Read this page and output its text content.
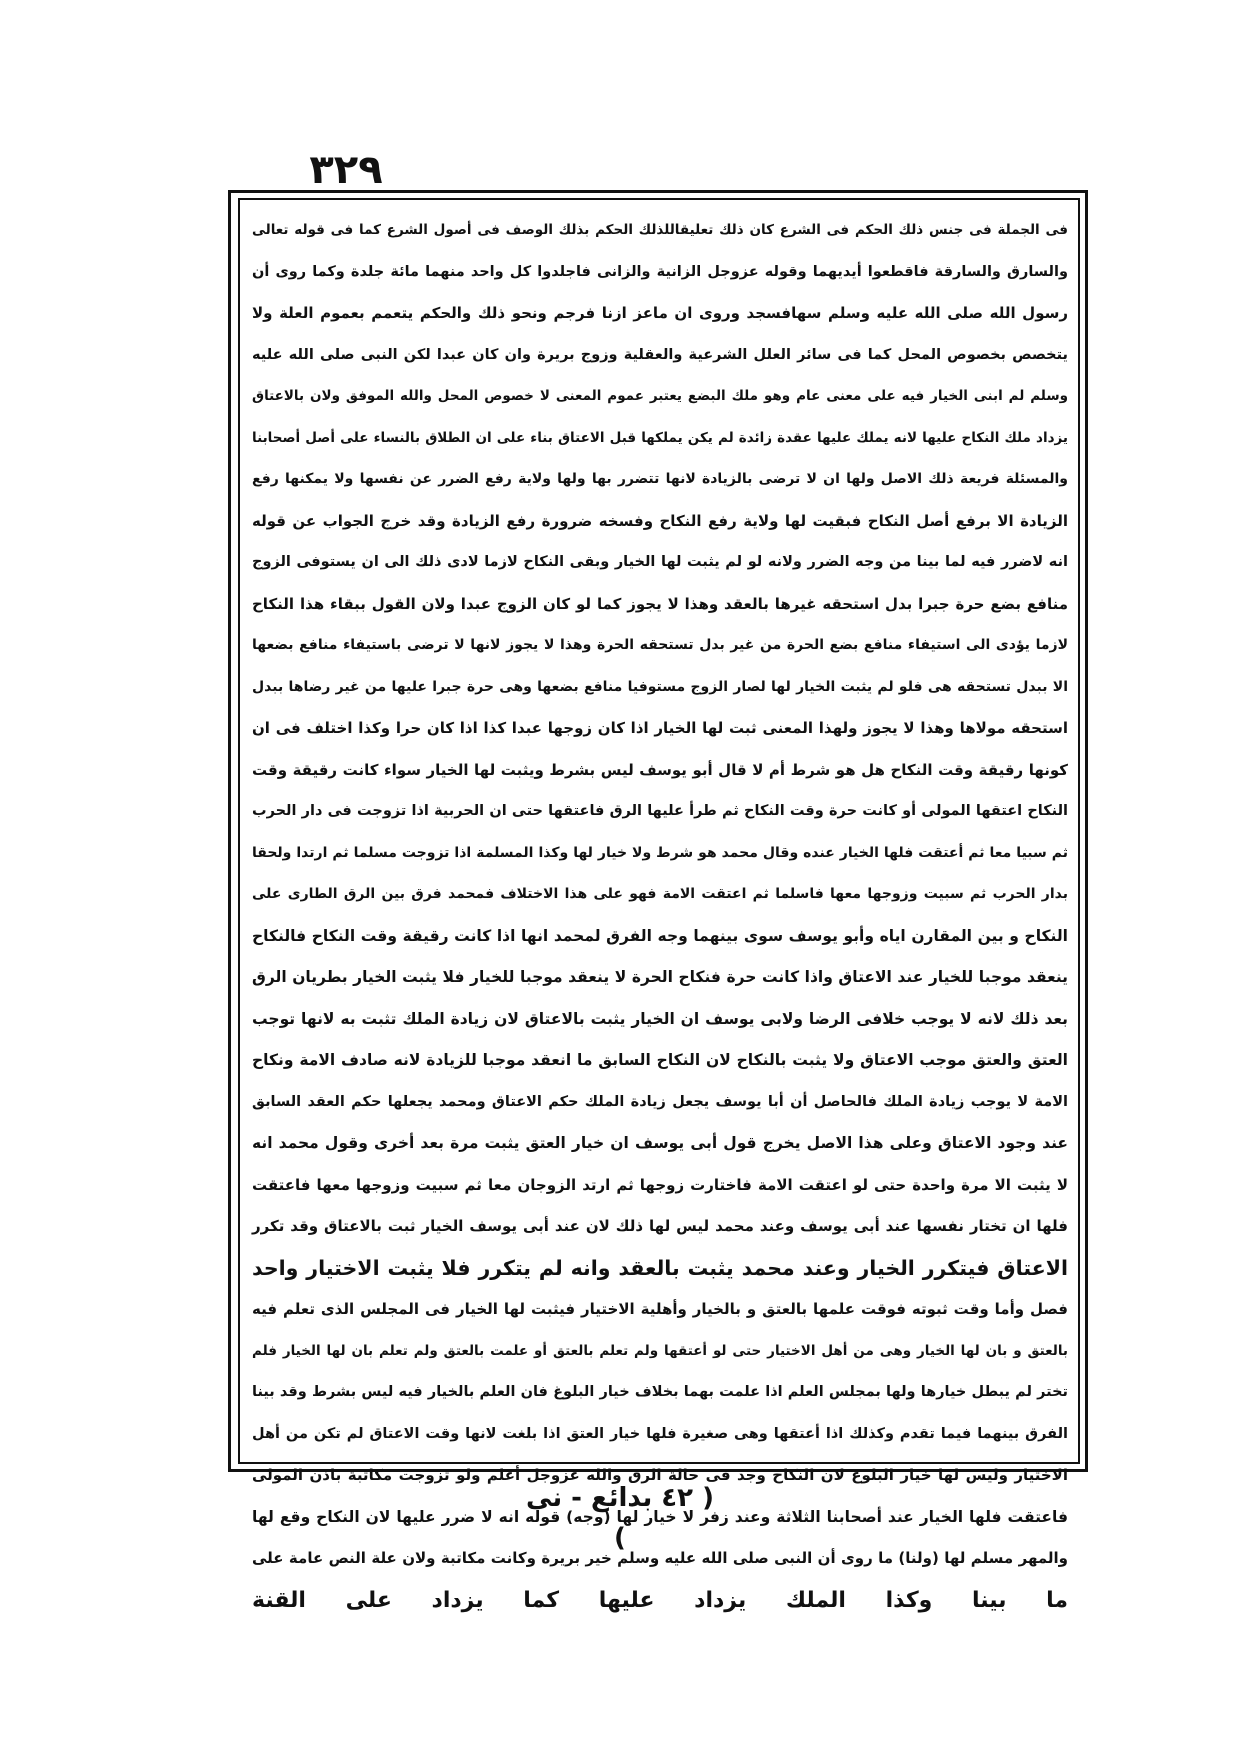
٣٢٩
فى الجملة فى جنس ذلك الحكم فى الشرع كان ذلك تعليقاللذلك الحكم بذلك الوصف فى أصول الشرع كما فى قوله تعالى
والسارق والسارقة فاقطعوا أيديهما وقوله عزوجل الزانية والزانى فاجلدوا كل واحد منهما مائة جلدة وكما روى أن
رسول الله صلى الله عليه وسلم سهافسجد وروى ان ماعز ازنا فرجم ونحو ذلك والحكم يتعمم بعموم العلة ولا
يتخصص بخصوص المحل كما فى سائر العلل الشرعية والعقلية وزوج بريرة وان كان عبدا لكن النبى صلى الله عليه
وسلم لم ابنى الخيار فيه على معنى عام وهو ملك البضع يعتبر عموم المعنى لا خصوص المحل والله الموفق ولان بالاعتاق
يزداد ملك النكاح عليها لانه يملك عليها عقدة زائدة لم يكن يملكها قبل الاعتاق بناء على ان الطلاق بالنساء على أصل أصحابنا
والمسئلة فريعة ذلك الاصل ولها ان لا ترضى بالزيادة لانها تتضرر بها ولها ولاية رفع الضرر عن نفسها ولا يمكنها رفع
الزيادة الا برفع أصل النكاح فبقيت لها ولاية رفع النكاح وفسخه ضرورة رفع الزيادة وقد خرج الجواب عن قوله
انه لاضرر فيه لما بينا من وجه الضرر ولانه لو لم يثبت لها الخيار وبقى النكاح لازما لادى ذلك الى ان يستوفى الزوج
منافع بضع حرة جبرا بدل استحقه غيرها بالعقد وهذا لا يجوز كما لو كان الزوج عبدا ولان القول ببقاء هذا النكاح
لازما يؤدى الى استيفاء منافع بضع الحرة من غير بدل تستحقه الحرة وهذا لا يجوز لانها لا ترضى باستيفاء منافع بضعها
الا ببدل تستحقه هى فلو لم يثبت الخيار لها لصار الزوج مستوفيا منافع بضعها وهى حرة جبرا عليها من غير رضاها ببدل
استحقه مولاها وهذا لا يجوز ولهذا المعنى ثبت لها الخيار اذا كان زوجها عبدا كذا اذا كان حرا وكذا اختلف فى ان
كونها رقيقة وقت النكاح هل هو شرط أم لا قال أبو يوسف ليس بشرط ويثبت لها الخيار سواء كانت رقيقة وقت
النكاح اعتقها المولى أو كانت حرة وقت النكاح ثم طرأ عليها الرق فاعتقها حتى ان الحربية اذا تزوجت فى دار الحرب
ثم سبيا معا ثم أعتقت فلها الخيار عنده وقال محمد هو شرط ولا خيار لها وكذا المسلمة اذا تزوجت مسلما ثم ارتدا ولحقا
بدار الحرب ثم سبيت وزوجها معها فاسلما ثم اعتقت الامة فهو على هذا الاختلاف فمحمد فرق بين الرق الطارى على
النكاح و بين المقارن اياه وأبو يوسف سوى بينهما وجه الفرق لمحمد انها اذا كانت رقيقة وقت النكاح فالنكاح
ينعقد موجبا للخيار عند الاعتاق واذا كانت حرة فنكاح الحرة لا ينعقد موجبا للخيار فلا يثبت الخيار بطريان الرق
بعد ذلك لانه لا يوجب خلافى الرضا ولابى يوسف ان الخيار يثبت بالاعتاق لان زيادة الملك تثبت به لانها توجب
العتق والعتق موجب الاعتاق ولا يثبت بالنكاح لان النكاح السابق ما انعقد موجبا للزيادة لانه صادف الامة ونكاح
الامة لا يوجب زيادة الملك فالحاصل أن أبا يوسف يجعل زيادة الملك حكم الاعتاق ومحمد يجعلها حكم العقد السابق
عند وجود الاعتاق وعلى هذا الاصل يخرج قول أبى يوسف ان خيار العتق يثبت مرة بعد أخرى وقول محمد انه
لا يثبت الا مرة واحدة حتى لو اعتقت الامة فاختارت زوجها ثم ارتد الزوجان معا ثم سبيت وزوجها معها فاعتقت
فلها ان تختار نفسها عند أبى يوسف وعند محمد ليس لها ذلك لان عند أبى يوسف الخيار ثبت بالاعتاق وقد تكرر
الاعتاق فيتكرر الخيار وعند محمد يثبت بالعقد وانه لم يتكرر فلا يثبت الاختيار واحد
فصل وأما وقت ثبوته فوقت علمها بالعتق و بالخيار وأهلية الاختيار فيثبت لها الخيار فى المجلس الذى تعلم فيه
بالعتق و بان لها الخيار وهى من أهل الاختيار حتى لو أعتقها ولم تعلم بالعتق أو علمت بالعتق ولم تعلم بان لها الخيار فلم
تختر لم يبطل خيارها ولها بمجلس العلم اذا علمت بهما بخلاف خيار البلوغ فان العلم بالخيار فيه ليس بشرط وقد بينا
الفرق بينهما فيما تقدم وكذلك اذا أعتقها وهى صغيرة فلها خيار العتق اذا بلغت لانها وقت الاعتاق لم تكن من أهل
الاختيار وليس لها خيار البلوغ لان النكاح وجد فى حالة الرق والله عزوجل أعلم ولو تزوجت مكاتبة باذن المولى
فاعتقت فلها الخيار عند أصحابنا الثلاثة وعند زفر لا خيار لها (وجه) قوله انه لا ضرر عليها لان النكاح وقع لها
والمهر مسلم لها (ولنا) ما روى أن النبى صلى الله عليه وسلم خير بريرة وكانت مكاتبة ولان علة النص عامة على
ما بينا وكذا الملك يزداد عليها كما يزداد على القنة
( ٤٢ بدائع - نى )
